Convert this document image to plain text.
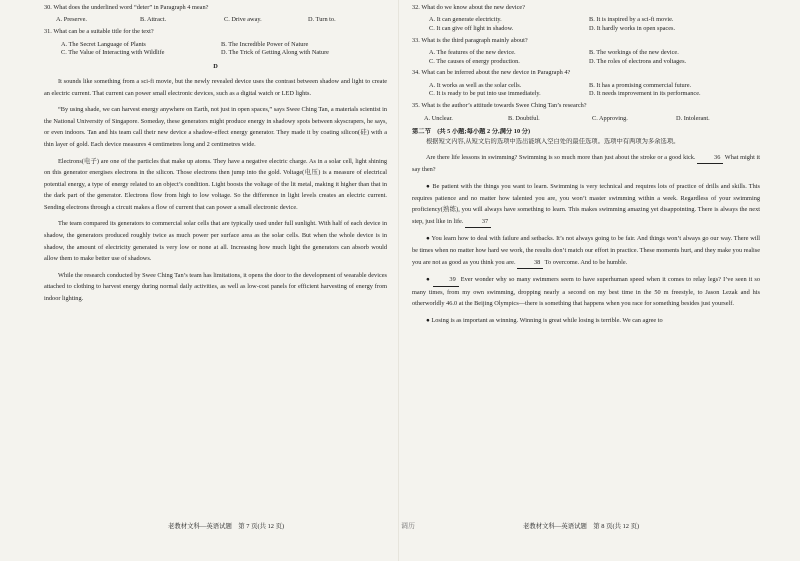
30. What does the underlined word “deter” in Paragraph 4 mean?
A. Preserve.	B. Attract.	C. Drive away.	D. Turn to.
31. What can be a suitable title for the text?
A. The Secret Language of Plants	B. The Incredible Power of Nature
C. The Value of Interacting with Wildlife	D. The Trick of Getting Along with Nature
D
It sounds like something from a sci-fi movie, but the newly revealed device uses the contrast between shadow and light to create an electric current. That current can power small electronic devices, such as a digital watch or LED lights.
“By using shade, we can harvest energy anywhere on Earth, not just in open spaces,” says Swee Ching Tan, a materials scientist in the National University of Singapore. Someday, these generators might produce energy in shadowy spots between skyscrapers, he says, or even indoors. Tan and his team call their new device a shadow-effect energy generator. They made it by coating silicon(硅) with a thin layer of gold. Each device measures 4 centimetres long and 2 centimetres wide.
Electrons(电子) are one of the particles that make up atoms. They have a negative electric charge. As in a solar cell, light shining on this generator energises electrons in the silicon. Those electrons then jump into the gold. Voltage(电压) is a measure of electrical potential energy, a type of energy related to an object’s condition. Light boosts the voltage of the lit metal, making it higher than that in the dark part of the generator. Electrons flow from high to low voltage. So the difference in light levels creates an electric current. Sending electrons through a circuit makes a flow of current that can power a small electronic device.
The team compared its generators to commercial solar cells that are typically used under full sunlight. With half of each device in shadow, the generators produced roughly twice as much power per surface area as the solar cells. But when the whole device is in shadow, the amount of electricity generated is very low or none at all. Increasing how much light the generators can absorb would allow them to make better use of shadows.
While the research conducted by Swee Ching Tan’s team has limitations, it opens the door to the development of wearable devices attached to clothing to harvest energy during normal daily activities, as well as low-cost panels for efficient harvesting of energy from indoor lighting.
32. What do we know about the new device?
A. It can generate electricity.	B. It is inspired by a sci-fi movie.
C. It can give off light in shadow.	D. It hardly works in open spaces.
33. What is the third paragraph mainly about?
A. The features of the new device.	B. The workings of the new device.
C. The causes of energy production.	D. The roles of electrons and voltages.
34. What can be inferred about the new device in Paragraph 4?
A. It works as well as the solar cells.	B. It has a promising commercial future.
C. It is ready to be put into use immediately.	D. It needs improvement in its performance.
35. What is the author’s attitude towards Swee Ching Tan’s research?
A. Unclear.	B. Doubtful.	C. Approving.	D. Intolerant.
第二节　(共 5 小题;每小题 2 分,满分 10 分)
根据短文内容,从短文后的选项中选出能填入空白处的最佳选项。选项中有两项为多余选项。
Are there life lessons in swimming? Swimming is so much more than just about the stroke or a good kick.	36 What might it say then?
● Be patient with the things you want to learn. Swimming is very technical and requires lots of practice of drills and skills. This requires patience and no matter how talented you are, you won’t master swimming within a week. Regardless of your swimming proficiency(熟练), you will always have something to learn. This makes swimming amazing yet disappointing. There is always the next step, just like in life.	37
● You learn how to deal with failure and setbacks. It’s not always going to be fair. And things won’t always go our way. There will be times when no matter how hard we work, the results don’t match our effort in practice. These moments hurt, and they make you realise you are not as good as you think you are.	38 To overcome. And to be humble.
●	39 Ever wonder why so many swimmers seem to have superhuman speed when it comes to relay legs? I’ve seen it so many times, from my own swimming, dropping nearly a second on my best time in the 50 m freestyle, to Jason Lezak and his otherworldly 46.0 at the Beijing Olympics—there is something that happens when you race for something besides just yourself.
● Losing is as important as winning. Winning is great while losing is terrible. We can agree to
老教材文科—英语试题　第 7 页(共 12 页)	调历	老教材文科—英语试题　第 8 页(共 12 页)
